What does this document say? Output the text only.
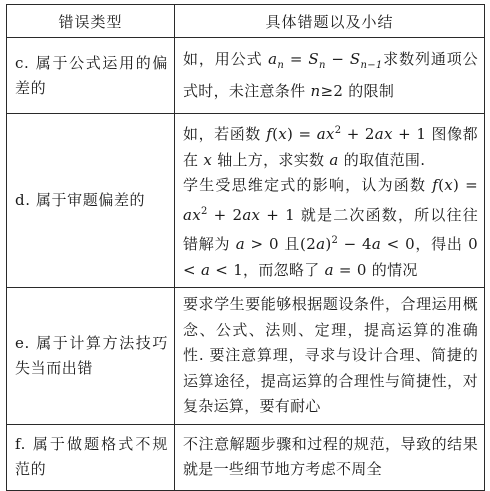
错误类型	具体错题以及小结
c. 属于公式运用的偏差的	如，用公式 $a_n = S_n - S_{n-1}$求数列通项公式时，未注意条件 n≥2 的限制

d. 属于审题偏差的	如，若函数 $f(x) = ax^2 + 2ax + 1$ 图像都在 x 轴上方，求实数 a 的取值范围.

学生受思维定式的影响，认为函数 $f(x) = ax^2 + 2ax + 1$ 就是二次函数，所以往往错解为 a > 0 且$(2a)^2 - 4a < 0$，得出 0 < a < 1，而忽略了 a = 0 的情况

e. 属于计算方法技巧失当而出错	要求学生要能够根据题设条件，合理运用概念、公式、法则、定理，提高运算的准确性. 要注意算理，寻求与设计合理、简捷的运算途径，提高运算的合理性与简捷性，对复杂运算，要有耐心
f. 属于做题格式不规范的	不注意解题步骤和过程的规范，导致的结果就是一些细节地方考虑不周全
